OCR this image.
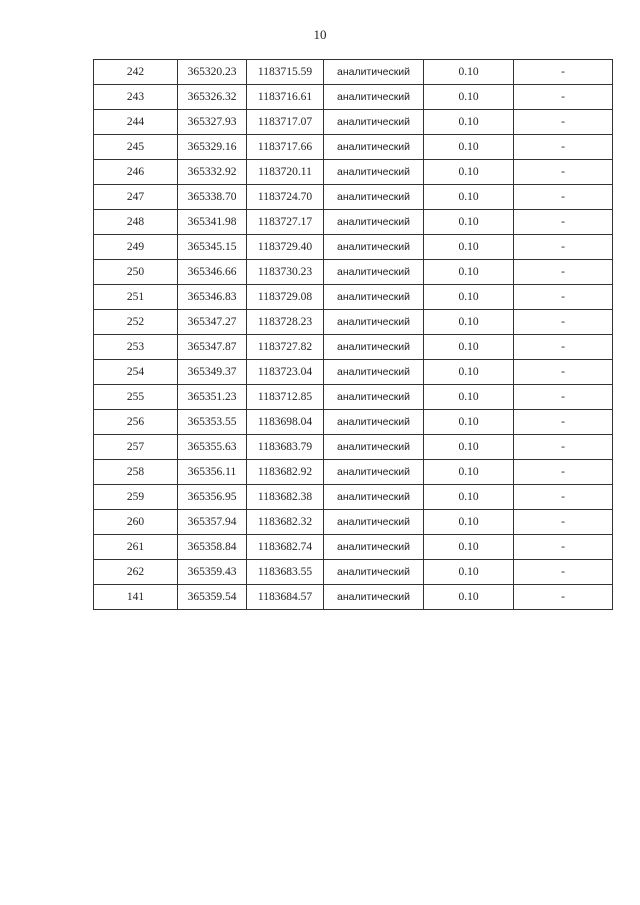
10
242	365320.23	1183715.59	аналитический	0.10	-
243	365326.32	1183716.61	аналитический	0.10	-
244	365327.93	1183717.07	аналитический	0.10	-
245	365329.16	1183717.66	аналитический	0.10	-
246	365332.92	1183720.11	аналитический	0.10	-
247	365338.70	1183724.70	аналитический	0.10	-
248	365341.98	1183727.17	аналитический	0.10	-
249	365345.15	1183729.40	аналитический	0.10	-
250	365346.66	1183730.23	аналитический	0.10	-
251	365346.83	1183729.08	аналитический	0.10	-
252	365347.27	1183728.23	аналитический	0.10	-
253	365347.87	1183727.82	аналитический	0.10	-
254	365349.37	1183723.04	аналитический	0.10	-
255	365351.23	1183712.85	аналитический	0.10	-
256	365353.55	1183698.04	аналитический	0.10	-
257	365355.63	1183683.79	аналитический	0.10	-
258	365356.11	1183682.92	аналитический	0.10	-
259	365356.95	1183682.38	аналитический	0.10	-
260	365357.94	1183682.32	аналитический	0.10	-
261	365358.84	1183682.74	аналитический	0.10	-
262	365359.43	1183683.55	аналитический	0.10	-
141	365359.54	1183684.57	аналитический	0.10	-
